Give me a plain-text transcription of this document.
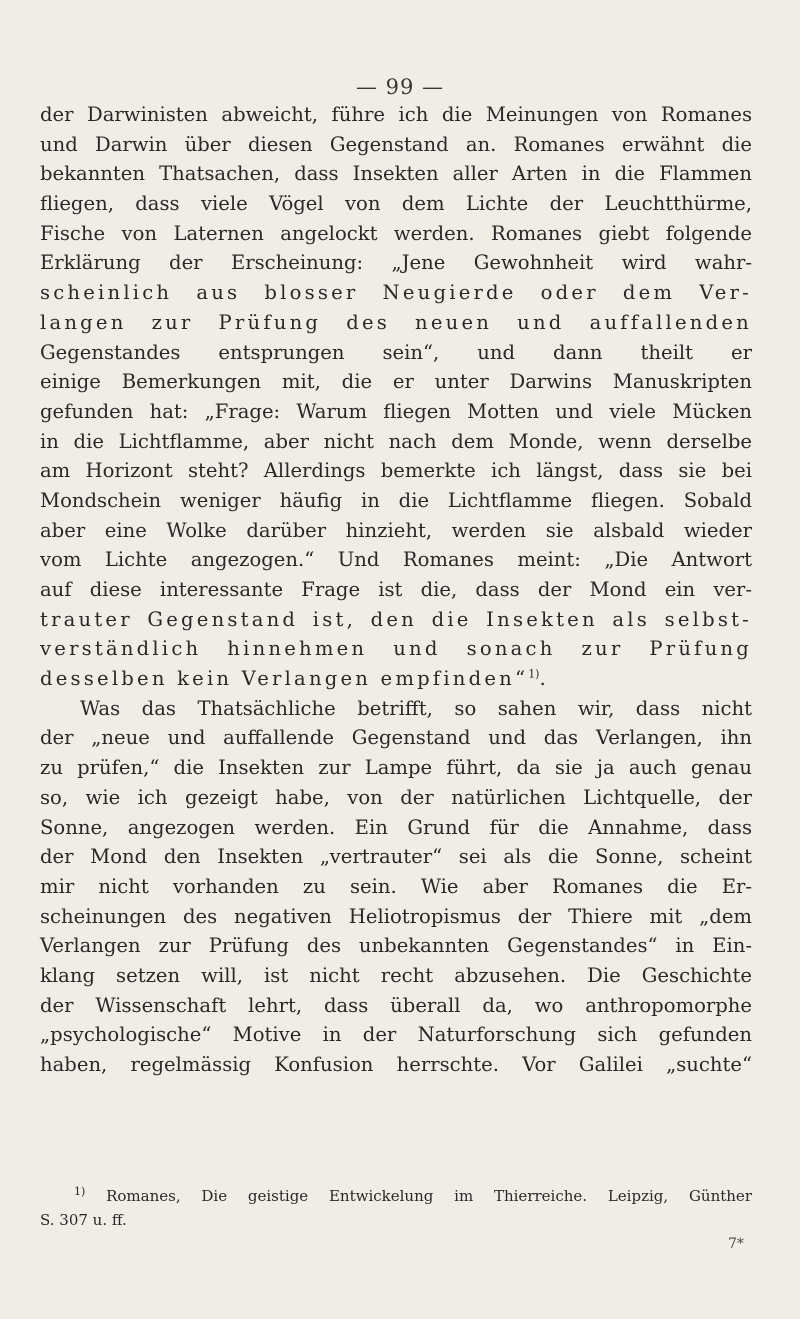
— 99 —
der Darwinisten abweicht, führe ich die Meinungen von Romanes
und Darwin über diesen Gegenstand an. Romanes erwähnt die
bekannten Thatsachen, dass Insekten aller Arten in die Flammen
fliegen, dass viele Vögel von dem Lichte der Leuchtthürme,
Fische von Laternen angelockt werden. Romanes giebt folgende
Erklärung der Erscheinung: „Jene Gewohnheit wird wahr-
scheinlich aus blosser Neugierde oder dem Ver-
langen zur Prüfung des neuen und auffallenden
Gegenstandes entsprungen sein“, und dann theilt er
einige Bemerkungen mit, die er unter Darwins Manuskripten
gefunden hat: „Frage: Warum fliegen Motten und viele Mücken
in die Lichtflamme, aber nicht nach dem Monde, wenn derselbe
am Horizont steht? Allerdings bemerkte ich längst, dass sie bei
Mondschein weniger häufig in die Lichtflamme fliegen. Sobald
aber eine Wolke darüber hinzieht, werden sie alsbald wieder
vom Lichte angezogen.“ Und Romanes meint: „Die Antwort
auf diese interessante Frage ist die, dass der Mond ein ver-
trauter Gegenstand ist, den die Insekten als selbst-
verständlich hinnehmen und sonach zur Prüfung
desselben kein Verlangen empfinden“$^{1)}$.
Was das Thatsächliche betrifft, so sahen wir, dass nicht
der „neue und auffallende Gegenstand und das Verlangen, ihn
zu prüfen,“ die Insekten zur Lampe führt, da sie ja auch genau
so, wie ich gezeigt habe, von der natürlichen Lichtquelle, der
Sonne, angezogen werden. Ein Grund für die Annahme, dass
der Mond den Insekten „vertrauter“ sei als die Sonne, scheint
mir nicht vorhanden zu sein. Wie aber Romanes die Er-
scheinungen des negativen Heliotropismus der Thiere mit „dem
Verlangen zur Prüfung des unbekannten Gegenstandes“ in Ein-
klang setzen will, ist nicht recht abzusehen. Die Geschichte
der Wissenschaft lehrt, dass überall da, wo anthropomorphe
„psychologische“ Motive in der Naturforschung sich gefunden
haben, regelmässig Konfusion herrschte. Vor Galilei „suchte“
$^{1)}$ Romanes, Die geistige Entwickelung im Thierreiche. Leipzig, Günther
S. 307 u. ff.
7*
